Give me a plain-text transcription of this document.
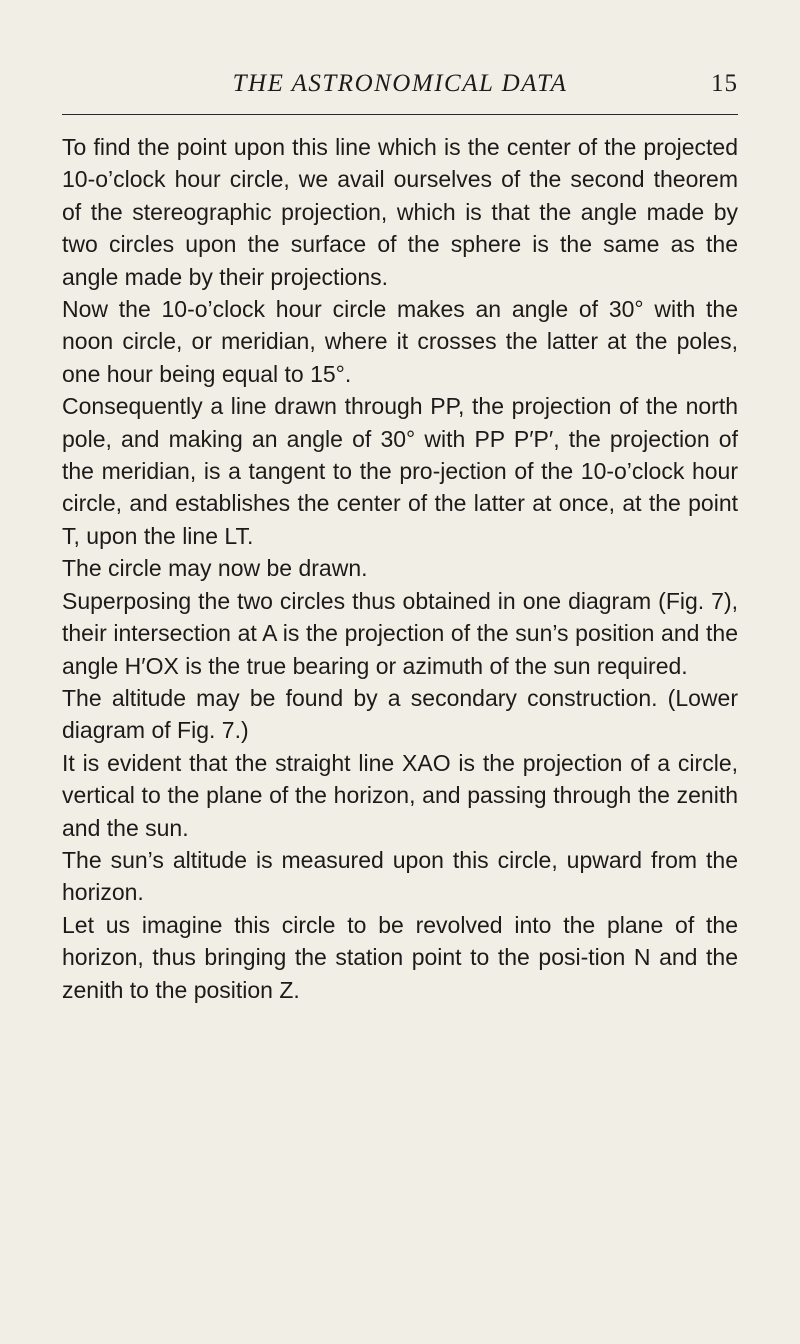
THE ASTRONOMICAL DATA	15

To find the point upon this line which is the center of the projected 10-o’clock hour circle, we avail ourselves of the second theorem of the stereographic projection, which is that the angle made by two circles upon the surface of the sphere is the same as the angle made by their projections.

Now the 10-o’clock hour circle makes an angle of 30° with the noon circle, or meridian, where it crosses the latter at the poles, one hour being equal to 15°.

Consequently a line drawn through PP, the projection of the north pole, and making an angle of 30° with PP P′P′, the projection of the meridian, is a tangent to the pro-jection of the 10-o’clock hour circle, and establishes the center of the latter at once, at the point T, upon the line LT.

The circle may now be drawn.

Superposing the two circles thus obtained in one diagram (Fig. 7), their intersection at A is the projection of the sun’s position and the angle H′OX is the true bearing or azimuth of the sun required.

The altitude may be found by a secondary construction. (Lower diagram of Fig. 7.)

It is evident that the straight line XAO is the projection of a circle, vertical to the plane of the horizon, and passing through the zenith and the sun.

The sun’s altitude is measured upon this circle, upward from the horizon.

Let us imagine this circle to be revolved into the plane of the horizon, thus bringing the station point to the posi-tion N and the zenith to the position Z.
